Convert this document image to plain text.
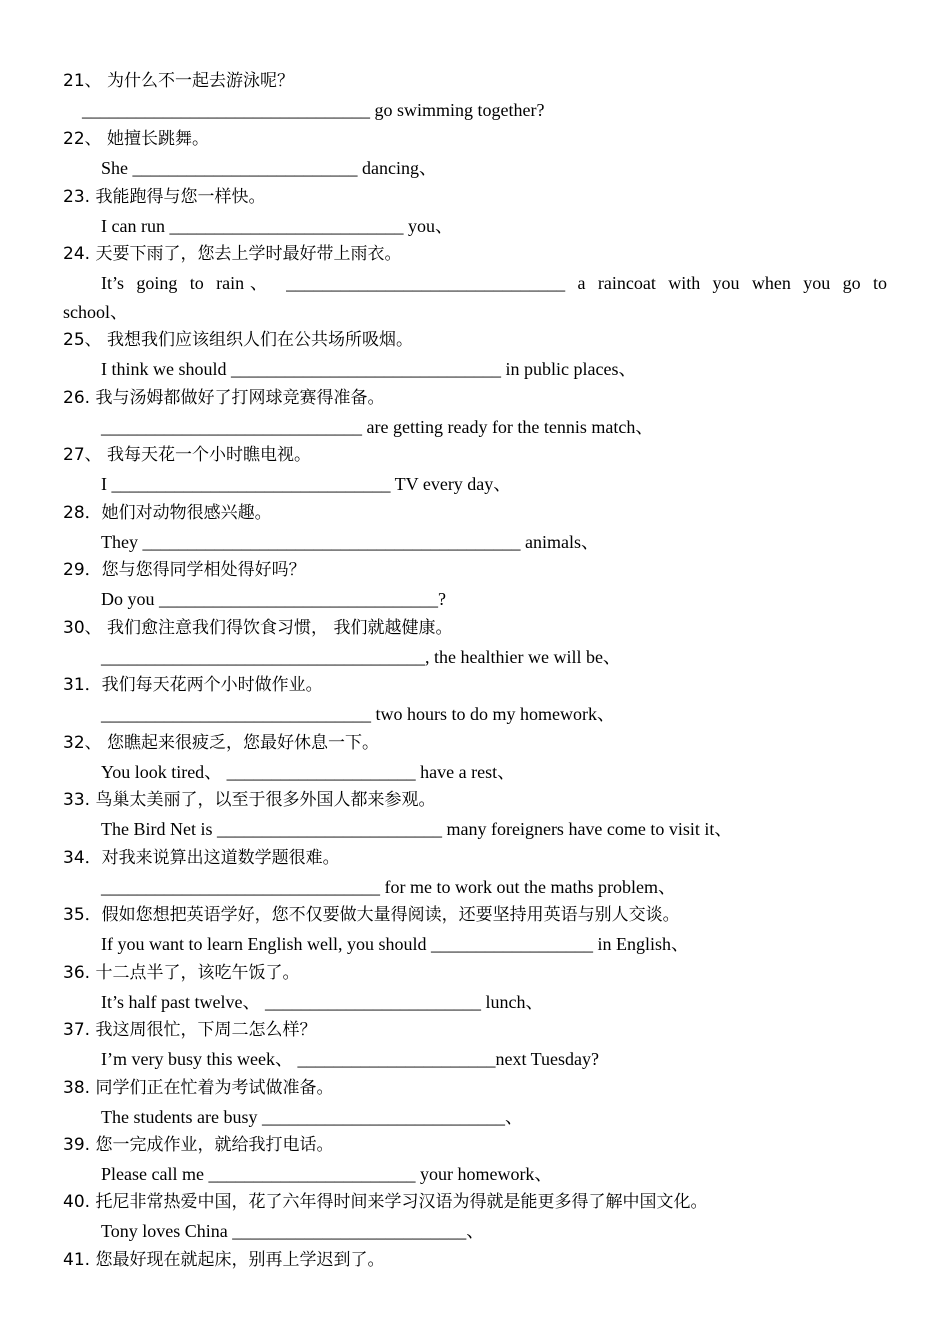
21、 为什么不一起去游泳呢？
________________________________ go swimming together?
22、 她擅长跳舞。
She _________________________ dancing、
23. 我能跑得与您一样快。
I can run __________________________ you、
24. 天要下雨了，您去上学时最好带上雨衣。
It’s going to rain、 _______________________________ a raincoat with you when you go to
school、
25、 我想我们应该组织人们在公共场所吸烟。
I think we should ______________________________ in public places、
26. 我与汤姆都做好了打网球竞赛得准备。
_____________________________ are getting ready for the tennis match、
27、 我每天花一个小时瞧电视。
I _______________________________ TV every day、
28．她们对动物很感兴趣。
They __________________________________________ animals、
29．您与您得同学相处得好吗？
Do you _______________________________?
30、 我们愈注意我们得饮食习惯， 我们就越健康。
____________________________________, the healthier we will be、
31．我们每天花两个小时做作业。
______________________________ two hours to do my homework、
32、 您瞧起来很疲乏，您最好休息一下。
You look tired、 _____________________ have a rest、
33. 鸟巢太美丽了，以至于很多外国人都来参观。
The Bird Net is _________________________ many foreigners have come to visit it、
34．对我来说算出这道数学题很难。
_______________________________ for me to work out the maths problem、
35．假如您想把英语学好，您不仅要做大量得阅读，还要坚持用英语与别人交谈。
If you want to learn English well, you should __________________ in English、
36. 十二点半了，该吃午饭了。
It’s half past twelve、 ________________________ lunch、
37. 我这周很忙，下周二怎么样？
I’m very busy this week、 ______________________next Tuesday?
38. 同学们正在忙着为考试做准备。
The students are busy ___________________________、
39. 您一完成作业，就给我打电话。
Please call me _______________________ your homework、
40. 托尼非常热爱中国，花了六年得时间来学习汉语为得就是能更多得了解中国文化。
Tony loves China __________________________、
41. 您最好现在就起床，别再上学迟到了。
